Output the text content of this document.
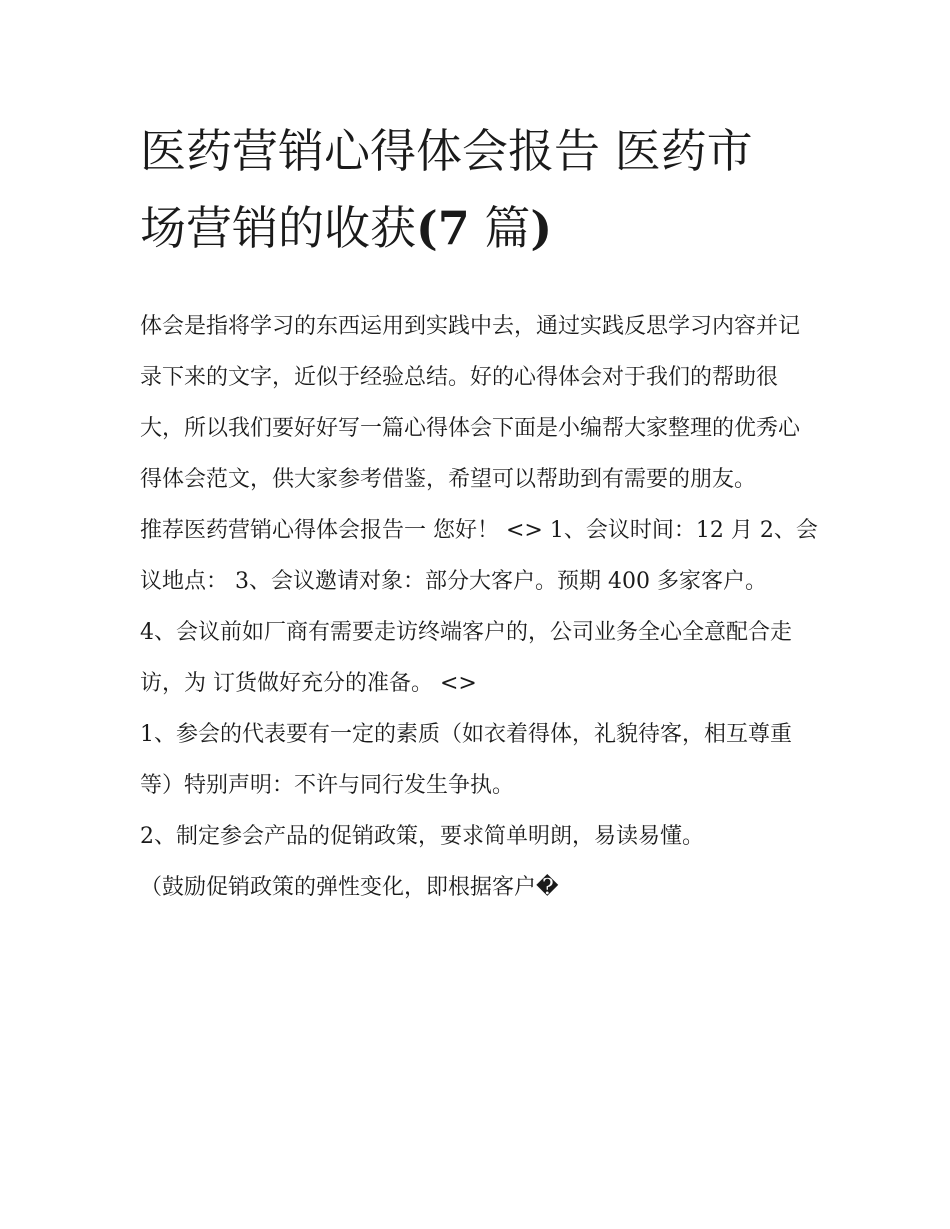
医药营销心得体会报告 医药市
场营销的收获(7 篇)

体会是指将学习的东西运用到实践中去，通过实践反思学习内容并记录下来的文字，近似于经验总结。好的心得体会对于我们的帮助很大，所以我们要好好写一篇心得体会下面是小编帮大家整理的优秀心得体会范文，供大家参考借鉴，希望可以帮助到有需要的朋友。

推荐医药营销心得体会报告一 您好！ <> 1、会议时间：12 月 2、会议地点： 3、会议邀请对象：部分大客户。预期 400 多家客户。

4、会议前如厂商有需要走访终端客户的，公司业务全心全意配合走访，为 订货做好充分的准备。 <>

1、参会的代表要有一定的素质（如衣着得体，礼貌待客，相互尊重等）特别声明：不许与同行发生争执。

2、制定参会产品的促销政策，要求简单明朗，易读易懂。

（鼓励促销政策的弹性变化，即根据客户�
